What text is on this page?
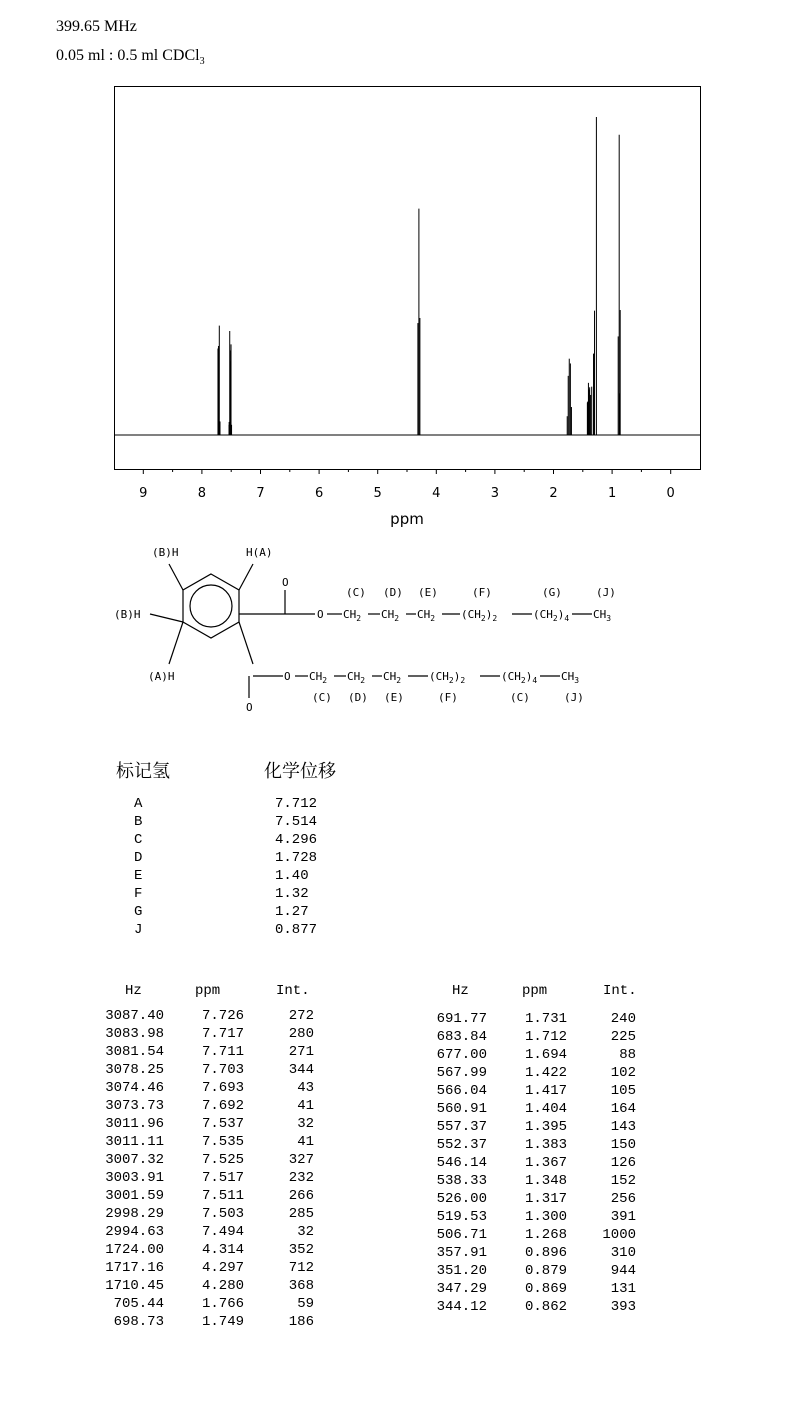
399.65 MHz
0.05 ml : 0.5 ml CDCl$_3$
9	8	7	6	5	4	3	2	1	0
ppm
(B)H	H(A)
(B)H
(A)H
O
O
O
O
(C) (D) (E)	(F)	(G)	(J)
$CH_2$ $CH_2$ $CH_2$ $(CH_2)_2$	$(CH_2)_4$ $CH_3$
$CH_2$ $CH_2$ $CH_2$	$(CH_2)_2$	$(CH_2)_4$ $CH_3$
(C) (D) (E)	(F)	(C)	(J)
标记氢	化学位移
A	7.712
B	7.514
C	4.296
D	1.728
E	1.40
F	1.32
G	1.27
J	0.877
Hz	ppm	Int.	Hz	ppm	Int.
3087.40	7.726	272
3083.98	7.717	280
3081.54	7.711	271
3078.25	7.703	344
3074.46	7.693	43
3073.73	7.692	41
3011.96	7.537	32
3011.11	7.535	41
3007.32	7.525	327
3003.91	7.517	232
3001.59	7.511	266
2998.29	7.503	285
2994.63	7.494	32
1724.00	4.314	352
1717.16	4.297	712
1710.45	4.280	368
705.44	1.766	59
698.73	1.749	186
691.77	1.731	240
683.84	1.712	225
677.00	1.694	88
567.99	1.422	102
566.04	1.417	105
560.91	1.404	164
557.37	1.395	143
552.37	1.383	150
546.14	1.367	126
538.33	1.348	152
526.00	1.317	256
519.53	1.300	391
506.71	1.268	1000
357.91	0.896	310
351.20	0.879	944
347.29	0.869	131
344.12	0.862	393
